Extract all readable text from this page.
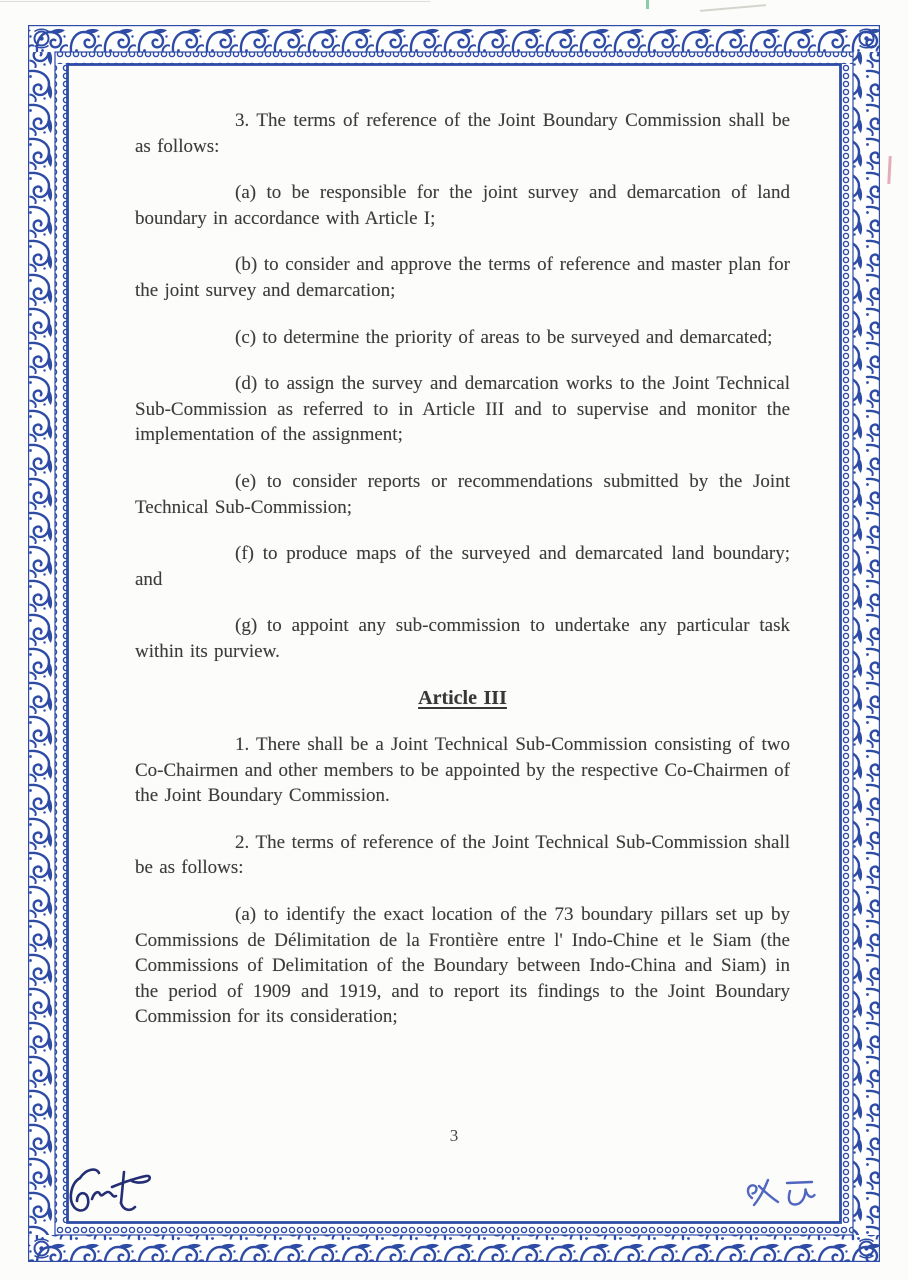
3. The terms of reference of the Joint Boundary Commission shall be as follows:

(a) to be responsible for the joint survey and demarcation of land boundary in accordance with Article I;

(b) to consider and approve the terms of reference and master plan for the joint survey and demarcation;

(c) to determine the priority of areas to be surveyed and demarcated;

(d) to assign the survey and demarcation works to the Joint Technical Sub-Commission as referred to in Article III and to supervise and monitor the implementation of the assignment;

(e) to consider reports or recommendations submitted by the Joint Technical Sub-Commission;

(f) to produce maps of the surveyed and demarcated land boundary; and

(g) to appoint any sub-commission to undertake any particular task within its purview.

Article III

1. There shall be a Joint Technical Sub-Commission consisting of two Co-Chairmen and other members to be appointed by the respective Co-Chairmen of the Joint Boundary Commission.

2. The terms of reference of the Joint Technical Sub-Commission shall be as follows:

(a) to identify the exact location of the 73 boundary pillars set up by Commissions de Délimitation de la Frontière entre l' Indo-Chine et le Siam (the Commissions of Delimitation of the Boundary between Indo-China and Siam) in the period of 1909 and 1919, and to report its findings to the Joint Boundary Commission for its consideration;

3
